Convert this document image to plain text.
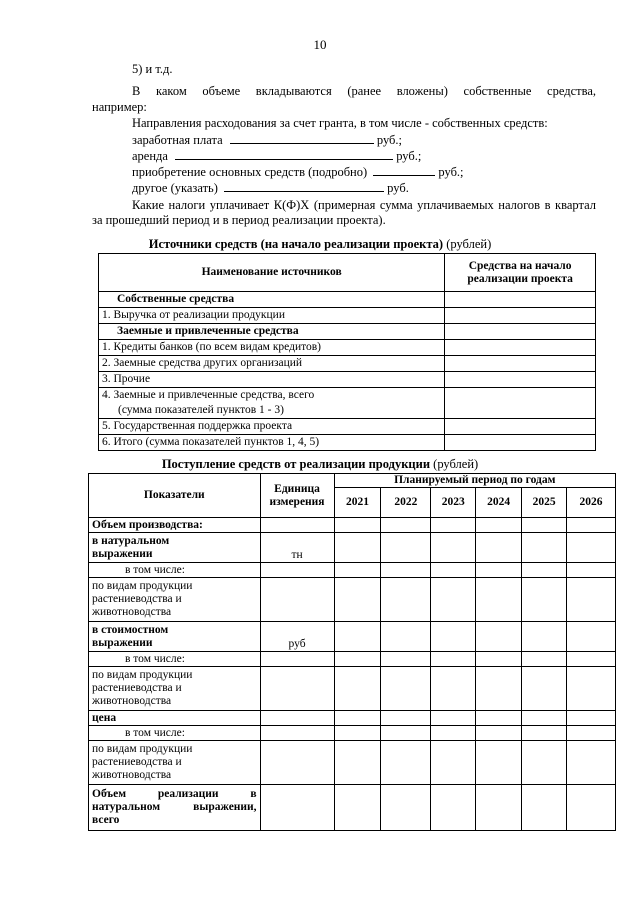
10
5) и т.д.
В каком объеме вкладываются (ранее вложены) собственные средства,
например:
Направления расходования за счет гранта, в том числе - собственных средств:
заработная плата	руб.;
аренда	руб.;
приобретение основных средств (подробно)	руб.;
другое (указать)	руб.
Какие налоги уплачивает К(Ф)Х (примерная сумма уплачиваемых налогов в квартал
за прошедший период и в период реализации проекта).
Источники средств (на начало реализации проекта) (рублей)
Наименование источников	Средства на начало реализации проекта
Собственные средства	
1. Выручка от реализации продукции	
Заемные и привлеченные средства	
1. Кредиты банков (по всем видам кредитов)	
2. Заемные средства других организаций	
3. Прочие	

4. Заемные и привлеченные средства, всего
(сумма показателей пунктов 1 - 3)	

5. Государственная поддержка проекта	
6. Итого (сумма показателей пунктов 1, 4, 5)	
Поступление средств от реализации продукции (рублей)
Показатели	Единица измерения	Планируемый период по годам					
		2021	2022	2023	2024	2025	2026
Объем производства:							

в натуральном
выражении	тн						
в том числе:							

по видам продукции
растениеводства и
животноводства							

в стоимостном
выражении	руб						
в том числе:							

по видам продукции
растениеводства и
животноводства							

цена							
в том числе:							

по видам продукции
растениеводства и
животноводства							

Объем реализации в
натуральном выражении,
всего							
